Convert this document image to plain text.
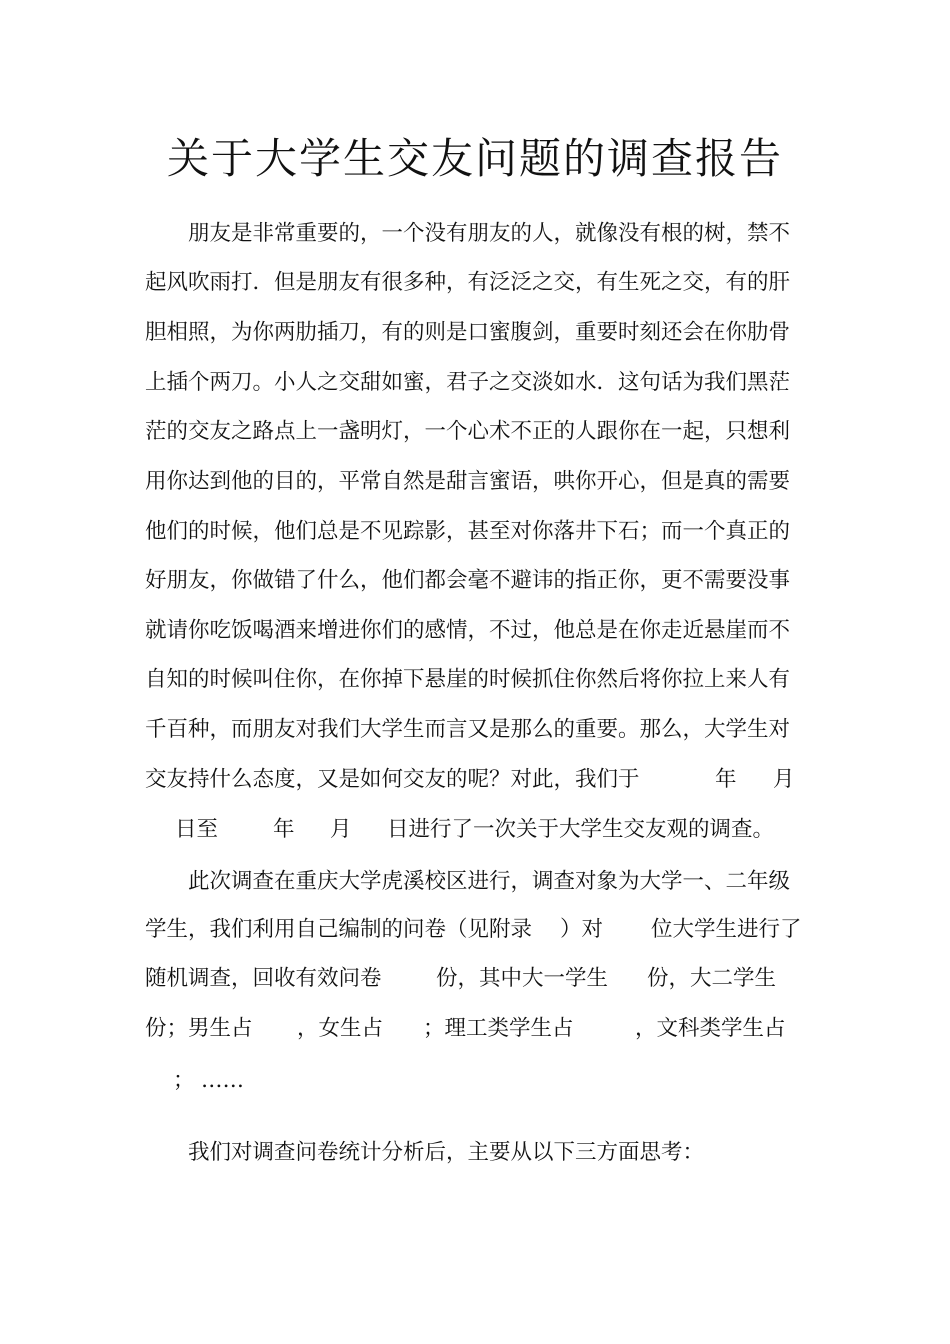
关于大学生交友问题的调查报告
　　朋友是非常重要的，一个没有朋友的人，就像没有根的树，禁不
起风吹雨打．但是朋友有很多种，有泛泛之交，有生死之交，有的肝
胆相照，为你两肋插刀，有的则是口蜜腹剑，重要时刻还会在你肋骨
上插个两刀。小人之交甜如蜜，君子之交淡如水．这句话为我们黑茫
茫的交友之路点上一盏明灯，一个心术不正的人跟你在一起，只想利
用你达到他的目的，平常自然是甜言蜜语，哄你开心，但是真的需要
他们的时候，他们总是不见踪影，甚至对你落井下石；而一个真正的
好朋友，你做错了什么，他们都会毫不避讳的指正你，更不需要没事
就请你吃饭喝酒来增进你们的感情，不过，他总是在你走近悬崖而不
自知的时候叫住你，在你掉下悬崖的时候抓住你然后将你拉上来人有
千百种，而朋友对我们大学生而言又是那么的重要。那么，大学生对
交友持什么态度，又是如何交友的呢？对此，我们于	年 月
日至	年 月 日进行了一次关于大学生交友观的调查。
　　此次调查在重庆大学虎溪校区进行，调查对象为大学一、二年级
学生，我们利用自己编制的问卷（见附录 ）对 位大学生进行了
随机调查，回收有效问卷	份，其中大一学生 份，大二学生
份；男生占 ，女生占 ；理工类学生占	，文科类学生占
； ……
　　我们对调查问卷统计分析后，主要从以下三方面思考：
